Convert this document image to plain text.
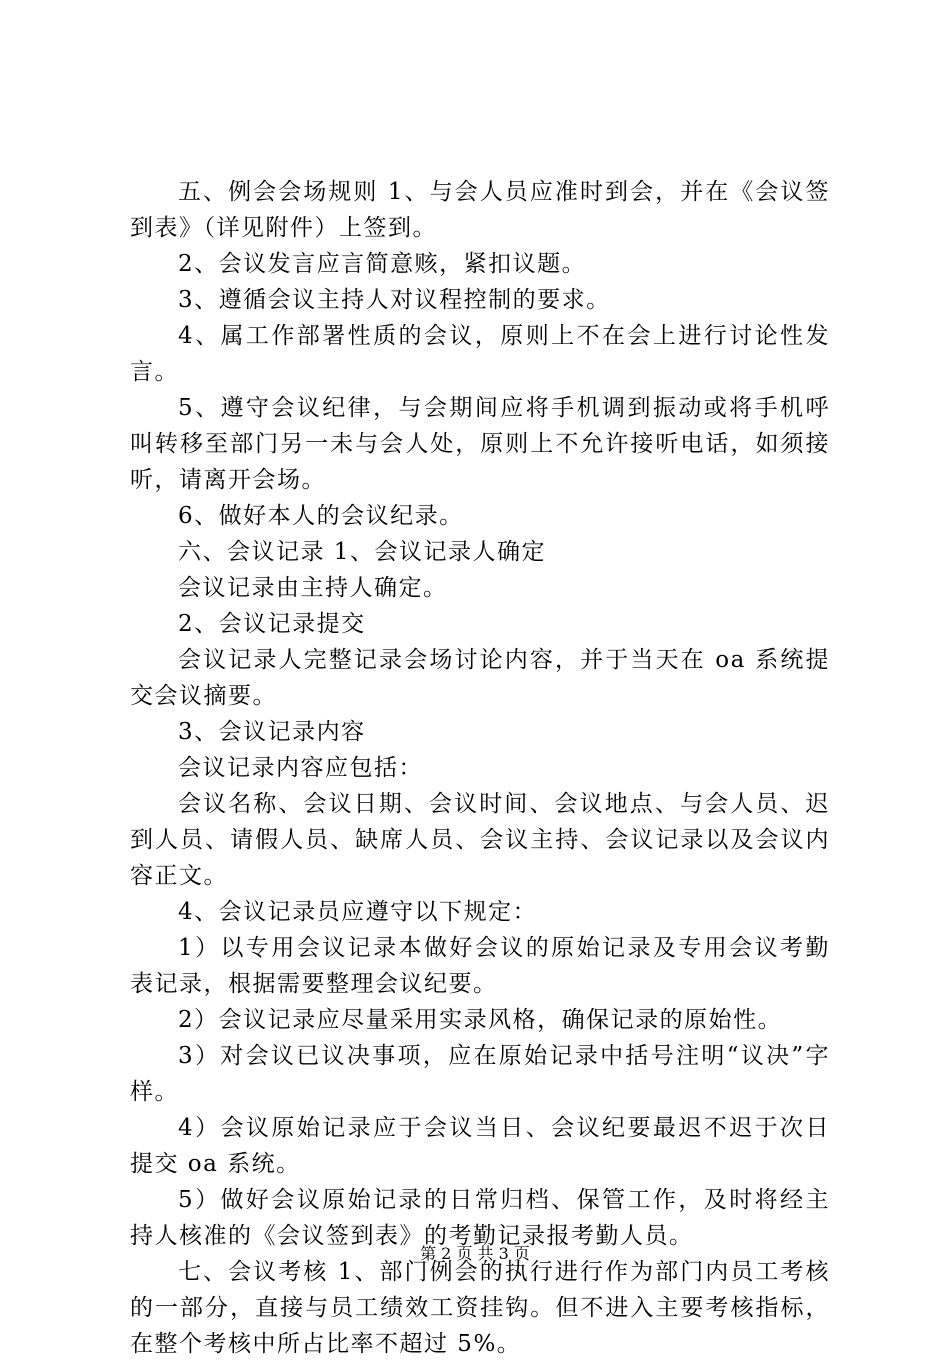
五、例会会场规则 1、与会人员应准时到会，并在《会议签到表》（详见附件）上签到。

2、会议发言应言简意赅，紧扣议题。

3、遵循会议主持人对议程控制的要求。

4、属工作部署性质的会议，原则上不在会上进行讨论性发言。

5、遵守会议纪律，与会期间应将手机调到振动或将手机呼叫转移至部门另一未与会人处，原则上不允许接听电话，如须接听，请离开会场。

6、做好本人的会议纪录。

六、会议记录 1、会议记录人确定

会议记录由主持人确定。

2、会议记录提交

会议记录人完整记录会场讨论内容，并于当天在 oa 系统提交会议摘要。

3、会议记录内容

会议记录内容应包括：

会议名称、会议日期、会议时间、会议地点、与会人员、迟到人员、请假人员、缺席人员、会议主持、会议记录以及会议内容正文。

4、会议记录员应遵守以下规定：

1）以专用会议记录本做好会议的原始记录及专用会议考勤表记录，根据需要整理会议纪要。

2）会议记录应尽量采用实录风格，确保记录的原始性。

3）对会议已议决事项，应在原始记录中括号注明“议决”字样。

4）会议原始记录应于会议当日、会议纪要最迟不迟于次日提交 oa 系统。

5）做好会议原始记录的日常归档、保管工作，及时将经主持人核准的《会议签到表》的考勤记录报考勤人员。

七、会议考核 1、部门例会的执行进行作为部门内员工考核的一部分，直接与员工绩效工资挂钩。但不进入主要考核指标，在整个考核中所占比率不超过 5%。

第 2 页 共 3 页
